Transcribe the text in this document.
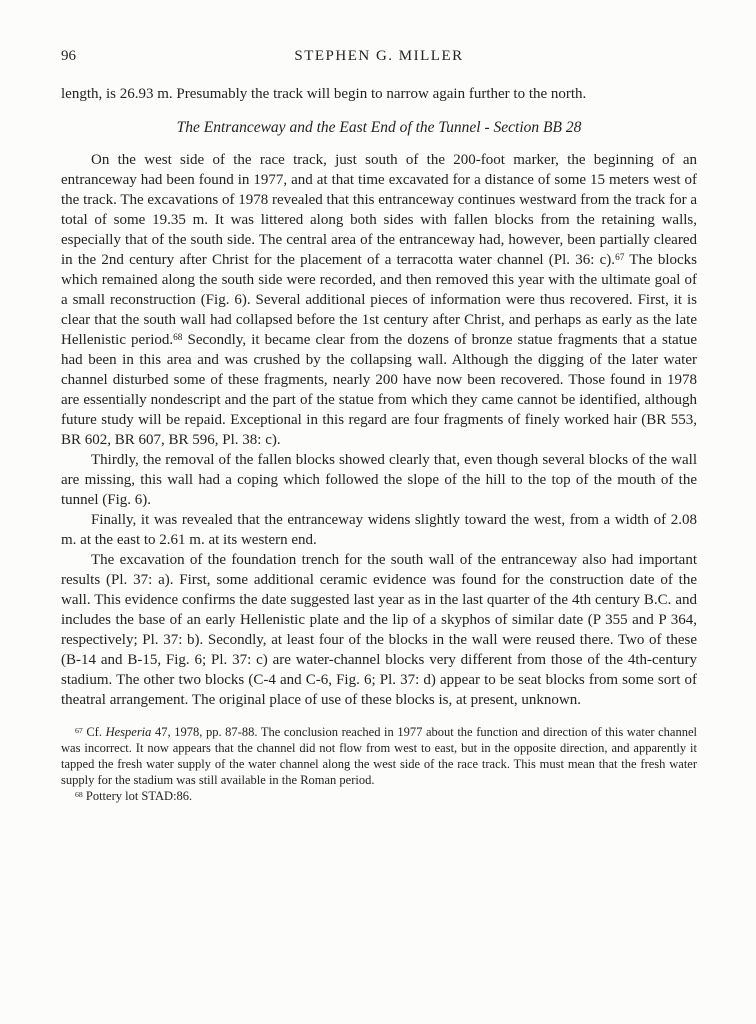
96	STEPHEN G. MILLER

length, is 26.93 m. Presumably the track will begin to narrow again further to the north.

The Entranceway and the East End of the Tunnel - Section BB 28

On the west side of the race track, just south of the 200-foot marker, the beginning of an entranceway had been found in 1977, and at that time excavated for a distance of some 15 meters west of the track. The excavations of 1978 revealed that this entranceway continues westward from the track for a total of some 19.35 m. It was littered along both sides with fallen blocks from the retaining walls, especially that of the south side. The central area of the entranceway had, however, been partially cleared in the 2nd century after Christ for the placement of a terracotta water channel (Pl. 36: c).$^{67}$ The blocks which remained along the south side were recorded, and then removed this year with the ultimate goal of a small reconstruction (Fig. 6). Several additional pieces of information were thus recovered. First, it is clear that the south wall had collapsed before the 1st century after Christ, and perhaps as early as the late Hellenistic period.$^{68}$ Secondly, it became clear from the dozens of bronze statue fragments that a statue had been in this area and was crushed by the collapsing wall. Although the digging of the later water channel disturbed some of these fragments, nearly 200 have now been recovered. Those found in 1978 are essentially nondescript and the part of the statue from which they came cannot be identified, although future study will be repaid. Exceptional in this regard are four fragments of finely worked hair (BR 553, BR 602, BR 607, BR 596, Pl. 38: c).

Thirdly, the removal of the fallen blocks showed clearly that, even though several blocks of the wall are missing, this wall had a coping which followed the slope of the hill to the top of the mouth of the tunnel (Fig. 6).

Finally, it was revealed that the entranceway widens slightly toward the west, from a width of 2.08 m. at the east to 2.61 m. at its western end.

The excavation of the foundation trench for the south wall of the entranceway also had important results (Pl. 37: a). First, some additional ceramic evidence was found for the construction date of the wall. This evidence confirms the date suggested last year as in the last quarter of the 4th century B.C. and includes the base of an early Hellenistic plate and the lip of a skyphos of similar date (P 355 and P 364, respectively; Pl. 37: b). Secondly, at least four of the blocks in the wall were reused there. Two of these (B-14 and B-15, Fig. 6; Pl. 37: c) are water-channel blocks very different from those of the 4th-century stadium. The other two blocks (C-4 and C-6, Fig. 6; Pl. 37: d) appear to be seat blocks from some sort of theatral arrangement. The original place of use of these blocks is, at present, unknown.

$^{67}$ Cf. Hesperia 47, 1978, pp. 87-88. The conclusion reached in 1977 about the function and direction of this water channel was incorrect. It now appears that the channel did not flow from west to east, but in the opposite direction, and apparently it tapped the fresh water supply of the water channel along the west side of the race track. This must mean that the fresh water supply for the stadium was still available in the Roman period.

$^{68}$ Pottery lot STAD:86.
